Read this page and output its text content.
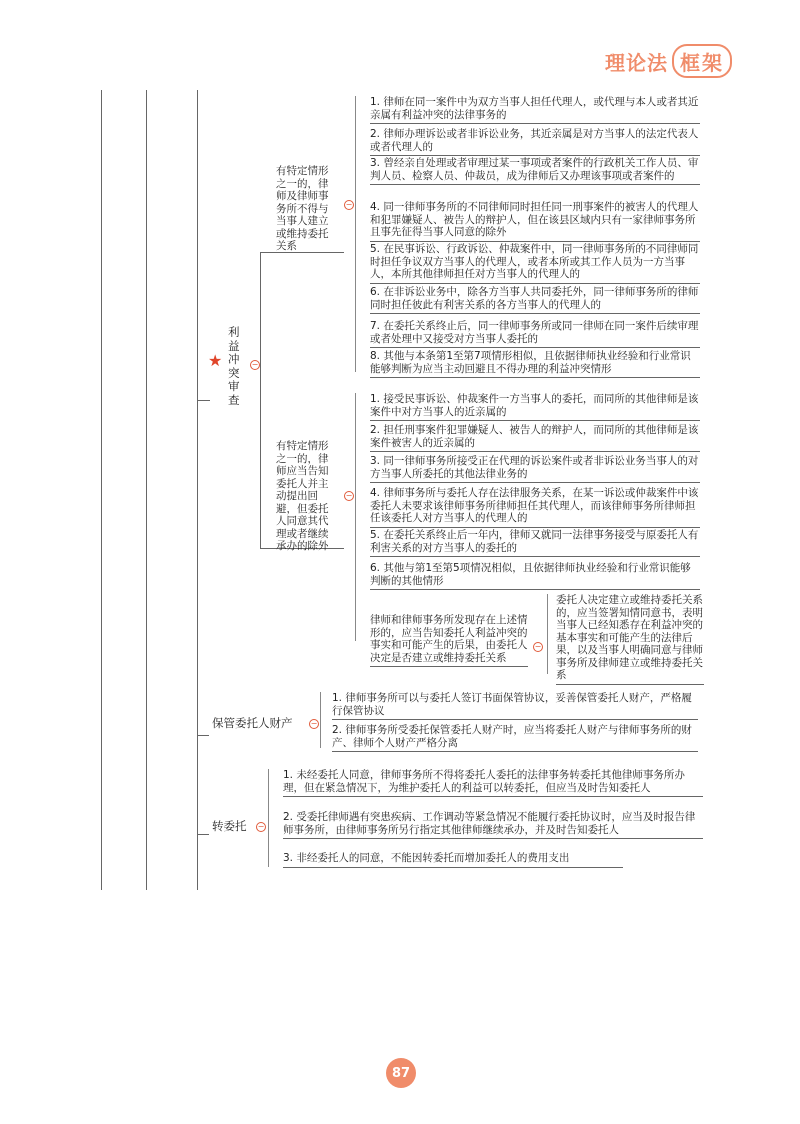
理论法 框架
★
利益冲突审查
−
有特定情形之一的，律师及律师事务所不得与当事人建立或维持委托关系
−
1. 律师在同一案件中为双方当事人担任代理人，或代理与本人或者其近亲属有利益冲突的法律事务的
2. 律师办理诉讼或者非诉讼业务，其近亲属是对方当事人的法定代表人或者代理人的
3. 曾经亲自处理或者审理过某一事项或者案件的行政机关工作人员、审判人员、检察人员、仲裁员，成为律师后又办理该事项或者案件的
4. 同一律师事务所的不同律师同时担任同一刑事案件的被害人的代理人和犯罪嫌疑人、被告人的辩护人，但在该县区域内只有一家律师事务所且事先征得当事人同意的除外
5. 在民事诉讼、行政诉讼、仲裁案件中，同一律师事务所的不同律师同时担任争议双方当事人的代理人，或者本所或其工作人员为一方当事人，本所其他律师担任对方当事人的代理人的
6. 在非诉讼业务中，除各方当事人共同委托外，同一律师事务所的律师同时担任彼此有利害关系的各方当事人的代理人的
7. 在委托关系终止后，同一律师事务所或同一律师在同一案件后续审理或者处理中又接受对方当事人委托的
8. 其他与本条第1至第7项情形相似，且依据律师执业经验和行业常识能够判断为应当主动回避且不得办理的利益冲突情形
有特定情形之一的，律师应当告知委托人并主动提出回避，但委托人同意其代理或者继续承办的除外
−
1. 接受民事诉讼、仲裁案件一方当事人的委托，而同所的其他律师是该案件中对方当事人的近亲属的
2. 担任刑事案件犯罪嫌疑人、被告人的辩护人，而同所的其他律师是该案件被害人的近亲属的
3. 同一律师事务所接受正在代理的诉讼案件或者非诉讼业务当事人的对方当事人所委托的其他法律业务的
4. 律师事务所与委托人存在法律服务关系，在某一诉讼或仲裁案件中该委托人未要求该律师事务所律师担任其代理人，而该律师事务所律师担任该委托人对方当事人的代理人的
5. 在委托关系终止后一年内，律师又就同一法律事务接受与原委托人有利害关系的对方当事人的委托的
6. 其他与第1至第5项情况相似，且依据律师执业经验和行业常识能够判断的其他情形
律师和律师事务所发现存在上述情形的，应当告知委托人利益冲突的事实和可能产生的后果，由委托人决定是否建立或维持委托关系
−
委托人决定建立或维持委托关系的，应当签署知情同意书，表明当事人已经知悉存在利益冲突的基本事实和可能产生的法律后果，以及当事人明确同意与律师事务所及律师建立或维持委托关系
保管委托人财产 −
1. 律师事务所可以与委托人签订书面保管协议，妥善保管委托人财产，严格履行保管协议
2. 律师事务所受委托保管委托人财产时，应当将委托人财产与律师事务所的财产、律师个人财产严格分离
转委托 −
1. 未经委托人同意，律师事务所不得将委托人委托的法律事务转委托其他律师事务所办理，但在紧急情况下，为维护委托人的利益可以转委托，但应当及时告知委托人
2. 受委托律师遇有突患疾病、工作调动等紧急情况不能履行委托协议时，应当及时报告律师事务所，由律师事务所另行指定其他律师继续承办，并及时告知委托人
3. 非经委托人的同意，不能因转委托而增加委托人的费用支出
87
